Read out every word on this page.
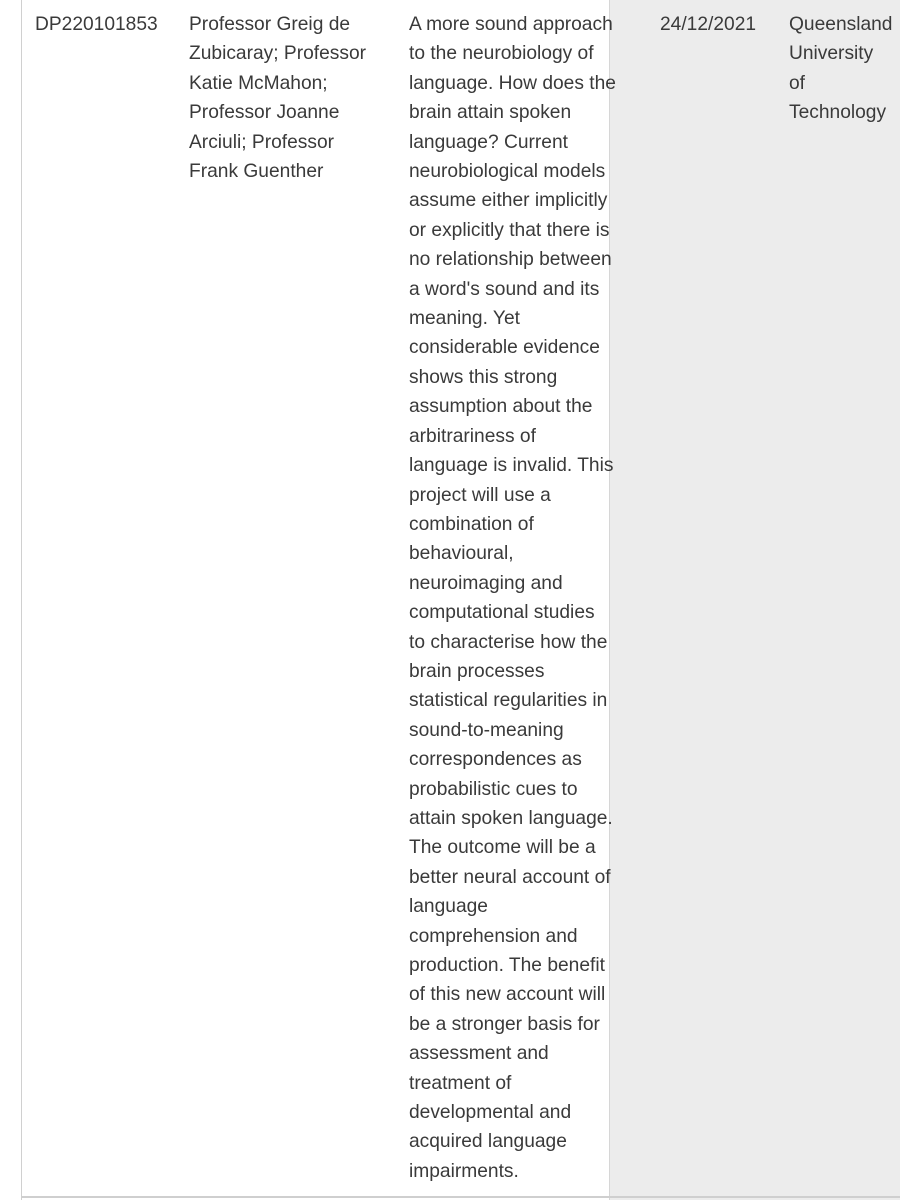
DP220101853 Professor Greig de
Zubicaray; Professor
Katie McMahon;
Professor Joanne
Arciuli; Professor
Frank Guenther
A more sound approach
to the neurobiology of
language. How does the
brain attain spoken
language? Current
neurobiological models
assume either implicitly
or explicitly that there is
no relationship between
a word's sound and its
meaning. Yet
considerable evidence
shows this strong
assumption about the
arbitrariness of
language is invalid. This
project will use a
combination of
behavioural,
neuroimaging and
computational studies
to characterise how the
brain processes
statistical regularities in
sound-to-meaning
correspondences as
probabilistic cues to
attain spoken language.
The outcome will be a
better neural account of
language
comprehension and
production. The benefit
of this new account will
be a stronger basis for
assessment and
treatment of
developmental and
acquired language
impairments.
24/12/2021 Queensland
University
of
Technology
